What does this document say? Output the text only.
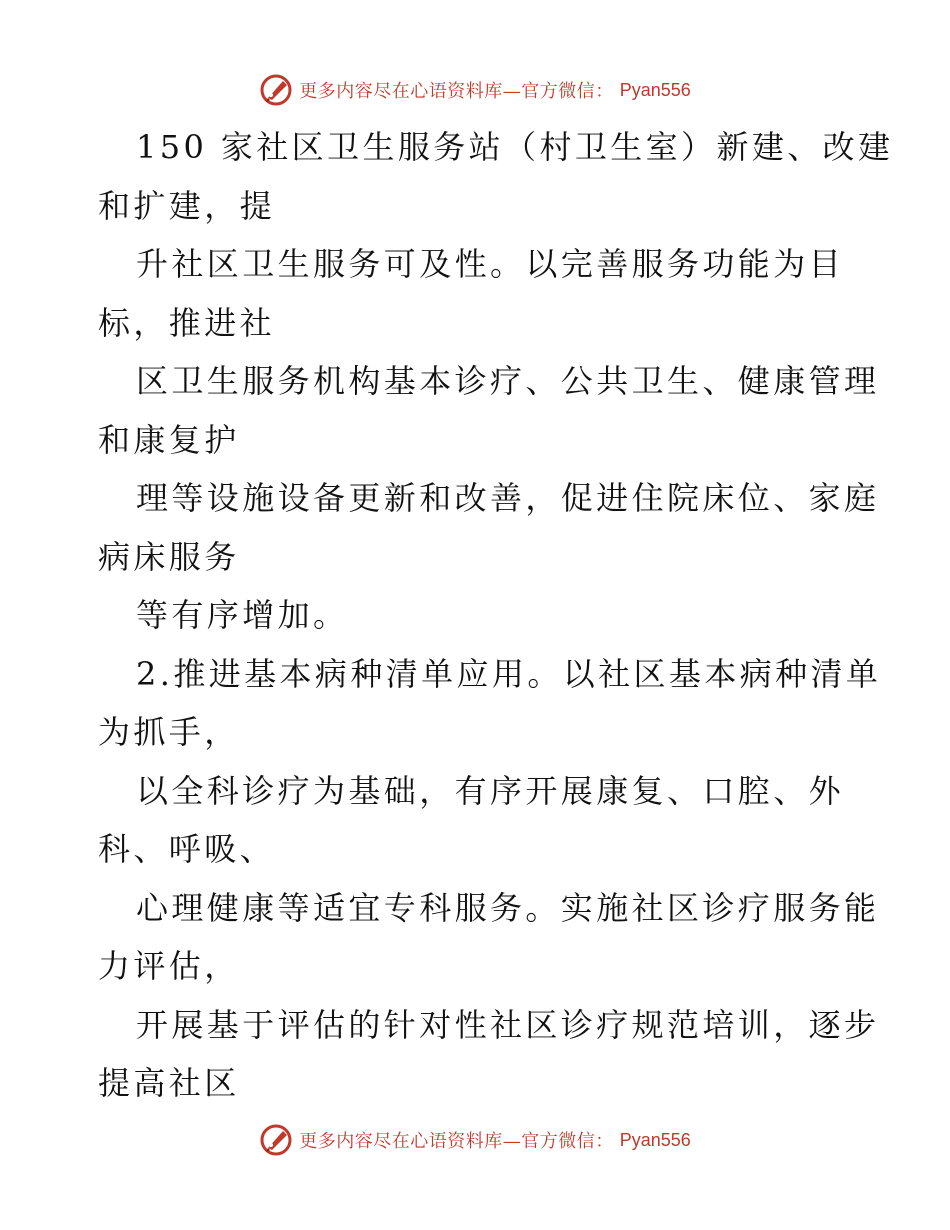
更多内容尽在心语资料库—官方微信： Pyan556

150 家社区卫生服务站（村卫生室）新建、改建
和扩建，提

升社区卫生服务可及性。以完善服务功能为目
标，推进社

区卫生服务机构基本诊疗、公共卫生、健康管理
和康复护

理等设施设备更新和改善，促进住院床位、家庭
病床服务

等有序增加。

2.推进基本病种清单应用。以社区基本病种清单
为抓手，

以全科诊疗为基础，有序开展康复、口腔、外
科、呼吸、

心理健康等适宜专科服务。实施社区诊疗服务能
力评估，

开展基于评估的针对性社区诊疗规范培训，逐步
提高社区

更多内容尽在心语资料库—官方微信： Pyan556
